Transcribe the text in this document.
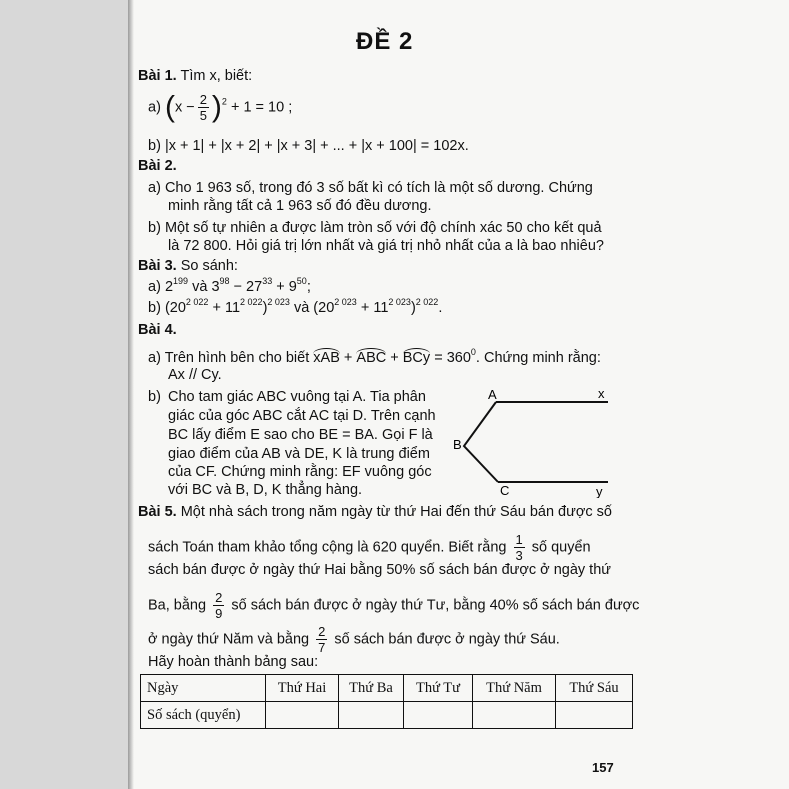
ĐỀ 2
Bài 1. Tìm x, biết:
a) $(x - \frac{2}{5} )^2 + 1 = 10$ ;
b) |x + 1| + |x + 2| + |x + 3| + ... + |x + 100| = 102x.
Bài 2.
a) Cho 1 963 số, trong đó 3 số bất kì có tích là một số dương. Chứng
minh rằng tất cả 1 963 số đó đều dương.
b) Một số tự nhiên a được làm tròn số với độ chính xác 50 cho kết quả
là 72 800. Hỏi giá trị lớn nhất và giá trị nhỏ nhất của a là bao nhiêu?
Bài 3. So sánh:
a) $2^{199}$ và $3^{98} - 27^{33} + 9^{50}$;
b) $(20^{2 022} + 11^{2 022})^{2 023}$ và $(20^{2 023} + 11^{2 023})^{2 022}$.
Bài 4.
a) Trên hình bên cho biết xAB + ABC + BCy = $360^0$. Chứng minh rằng:
Ax // Cy.
b) Cho tam giác ABC vuông tại A. Tia phân
giác của góc ABC cắt AC tại D. Trên cạnh
BC lấy điểm E sao cho BE = BA. Gọi F là
giao điểm của AB và DE, K là trung điểm
của CF. Chứng minh rằng: EF vuông góc
với BC và B, D, K thẳng hàng.
A	x
B
C	y
Bài 5. Một nhà sách trong năm ngày từ thứ Hai đến thứ Sáu bán được số
sách Toán tham khảo tổng cộng là 620 quyển. Biết rằng $\frac{1}{3}$ số quyển
sách bán được ở ngày thứ Hai bằng 50% số sách bán được ở ngày thứ
Ba, bằng $\frac{2}{9}$ số sách bán được ở ngày thứ Tư, bằng 40% số sách bán được
ở ngày thứ Năm và bằng $\frac{2}{7}$ số sách bán được ở ngày thứ Sáu.
Hãy hoàn thành bảng sau:
Ngày	Thứ Hai	Thứ Ba	Thứ Tư	Thứ Năm	Thứ Sáu
Số sách (quyển)					
157
